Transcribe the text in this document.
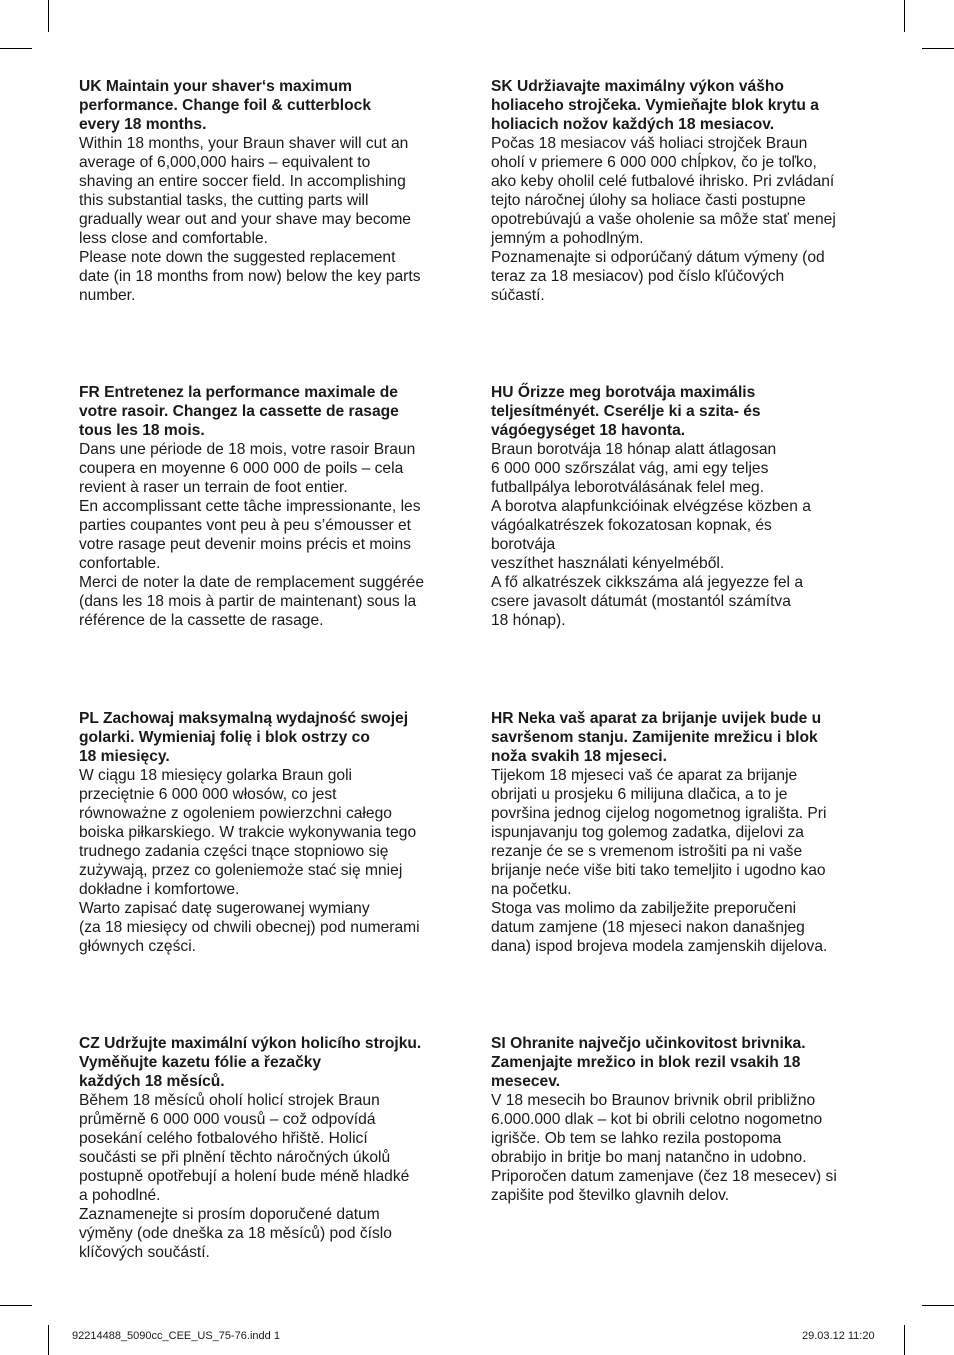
UK Maintain your shaver‘s maximum
performance. Change foil & cutterblock
every 18 months.

Within 18 months, your Braun shaver will cut an
average of 6,000,000 hairs – equivalent to
shaving an entire soccer field. In accomplishing
this substantial tasks, the cutting parts will
gradually wear out and your shave may become
less close and comfortable.
Please note down the suggested replacement
date (in 18 months from now) below the key parts
number.

SK Udržiavajte maximálny výkon vášho
holiaceho strojčeka. Vymieňajte blok krytu a
holiacich nožov každých 18 mesiacov.

Počas 18 mesiacov váš holiaci strojček Braun
oholí v priemere 6 000 000 chĺpkov, čo je toľko,
ako keby oholil celé futbalové ihrisko. Pri zvládaní
tejto náročnej úlohy sa holiace časti postupne
opotrebúvajú a vaše oholenie sa môže stať menej
jemným a pohodlným.
Poznamenajte si odporúčaný dátum výmeny (od
teraz za 18 mesiacov) pod číslo kľúčových
súčastí.

FR Entretenez la performance maximale de
votre rasoir. Changez la cassette de rasage
tous les 18 mois.

Dans une période de 18 mois, votre rasoir Braun
coupera en moyenne 6 000 000 de poils – cela
revient à raser un terrain de foot entier.
En accomplissant cette tâche impressionante, les
parties coupantes vont peu à peu s’émousser et
votre rasage peut devenir moins précis et moins
confortable.
Merci de noter la date de remplacement suggérée
(dans les 18 mois à partir de maintenant) sous la
référence de la cassette de rasage.

HU Őrizze meg borotvája maximális
teljesítményét. Cserélje ki a szita- és
vágóegységet 18 havonta.

Braun borotvája 18 hónap alatt átlagosan
6 000 000 szőrszálat vág, ami egy teljes
futballpálya leborotválásának felel meg.
A borotva alapfunkcióinak elvégzése közben a
vágóalkatrészek fokozatosan kopnak, és
borotvája
veszíthet használati kényelméből.
A fő alkatrészek cikkszáma alá jegyezze fel a
csere javasolt dátumát (mostantól számítva
18 hónap).

PL Zachowaj maksymalną wydajność swojej
golarki. Wymieniaj folię i blok ostrzy co
18 miesięcy.

W ciągu 18 miesięcy golarka Braun goli
przeciętnie 6 000 000 włosów, co jest
równoważne z ogoleniem powierzchni całego
boiska piłkarskiego. W trakcie wykonywania tego
trudnego zadania części tnące stopniowo się
zużywają, przez co goleniemoże stać się mniej
dokładne i komfortowe.
Warto zapisać datę sugerowanej wymiany
(za 18 miesięcy od chwili obecnej) pod numerami
głównych części.

HR Neka vaš aparat za brijanje uvijek bude u
savršenom stanju. Zamijenite mrežicu i blok
noža svakih 18 mjeseci.

Tijekom 18 mjeseci vaš će aparat za brijanje
obrijati u prosjeku 6 milijuna dlačica, a to je
površina jednog cijelog nogometnog igrališta. Pri
ispunjavanju tog golemog zadatka, dijelovi za
rezanje će se s vremenom istrošiti pa ni vaše
brijanje neće više biti tako temeljito i ugodno kao
na početku.
Stoga vas molimo da zabilježite preporučeni
datum zamjene (18 mjeseci nakon današnjeg
dana) ispod brojeva modela zamjenskih dijelova.

CZ Udržujte maximální výkon holicího strojku.
Vyměňujte kazetu fólie a řezačky
každých 18 měsíců.

Během 18 měsíců oholí holicí strojek Braun
průměrně 6 000 000 vousů – což odpovídá
posekání celého fotbalového hřiště. Holicí
součásti se při plnění těchto náročných úkolů
postupně opotřebují a holení bude méně hladké
a pohodlné.
Zaznamenejte si prosím doporučené datum
výměny (ode dneška za 18 měsíců) pod číslo
klíčových součástí.

SI Ohranite največjo učinkovitost brivnika.
Zamenjajte mrežico in blok rezil vsakih 18
mesecev.

V 18 mesecih bo Braunov brivnik obril približno
6.000.000 dlak – kot bi obrili celotno nogometno
igrišče. Ob tem se lahko rezila postopoma
obrabijo in britje bo manj natančno in udobno.
Priporočen datum zamenjave (čez 18 mesecev) si
zapišite pod številko glavnih delov.

92214488_5090cc_CEE_US_75-76.indd 1	29.03.12 11:20
